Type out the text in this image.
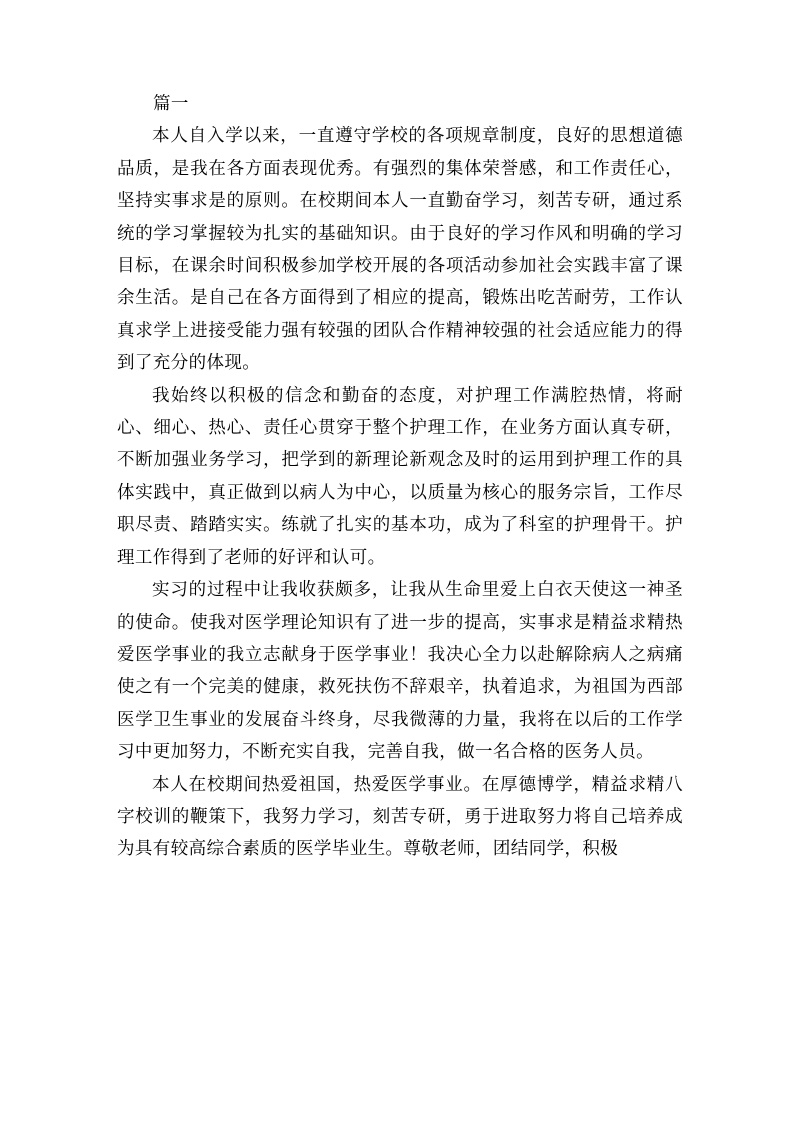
篇一

本人自入学以来，一直遵守学校的各项规章制度，良好的思想道德品质，是我在各方面表现优秀。有强烈的集体荣誉感，和工作责任心，坚持实事求是的原则。在校期间本人一直勤奋学习，刻苦专研，通过系统的学习掌握较为扎实的基础知识。由于良好的学习作风和明确的学习目标，在课余时间积极参加学校开展的各项活动参加社会实践丰富了课余生活。是自己在各方面得到了相应的提高，锻炼出吃苦耐劳，工作认真求学上进接受能力强有较强的团队合作精神较强的社会适应能力的得到了充分的体现。

我始终以积极的信念和勤奋的态度，对护理工作满腔热情，将耐心、细心、热心、责任心贯穿于整个护理工作，在业务方面认真专研，不断加强业务学习，把学到的新理论新观念及时的运用到护理工作的具体实践中，真正做到以病人为中心，以质量为核心的服务宗旨，工作尽职尽责、踏踏实实。练就了扎实的基本功，成为了科室的护理骨干。护理工作得到了老师的好评和认可。

实习的过程中让我收获颇多，让我从生命里爱上白衣天使这一神圣的使命。使我对医学理论知识有了进一步的提高，实事求是精益求精热爱医学事业的我立志献身于医学事业！我决心全力以赴解除病人之病痛使之有一个完美的健康，救死扶伤不辞艰辛，执着追求，为祖国为西部医学卫生事业的发展奋斗终身，尽我微薄的力量，我将在以后的工作学习中更加努力，不断充实自我，完善自我，做一名合格的医务人员。

本人在校期间热爱祖国，热爱医学事业。在厚德博学，精益求精八字校训的鞭策下，我努力学习，刻苦专研，勇于进取努力将自己培养成为具有较高综合素质的医学毕业生。尊敬老师，团结同学，积极
